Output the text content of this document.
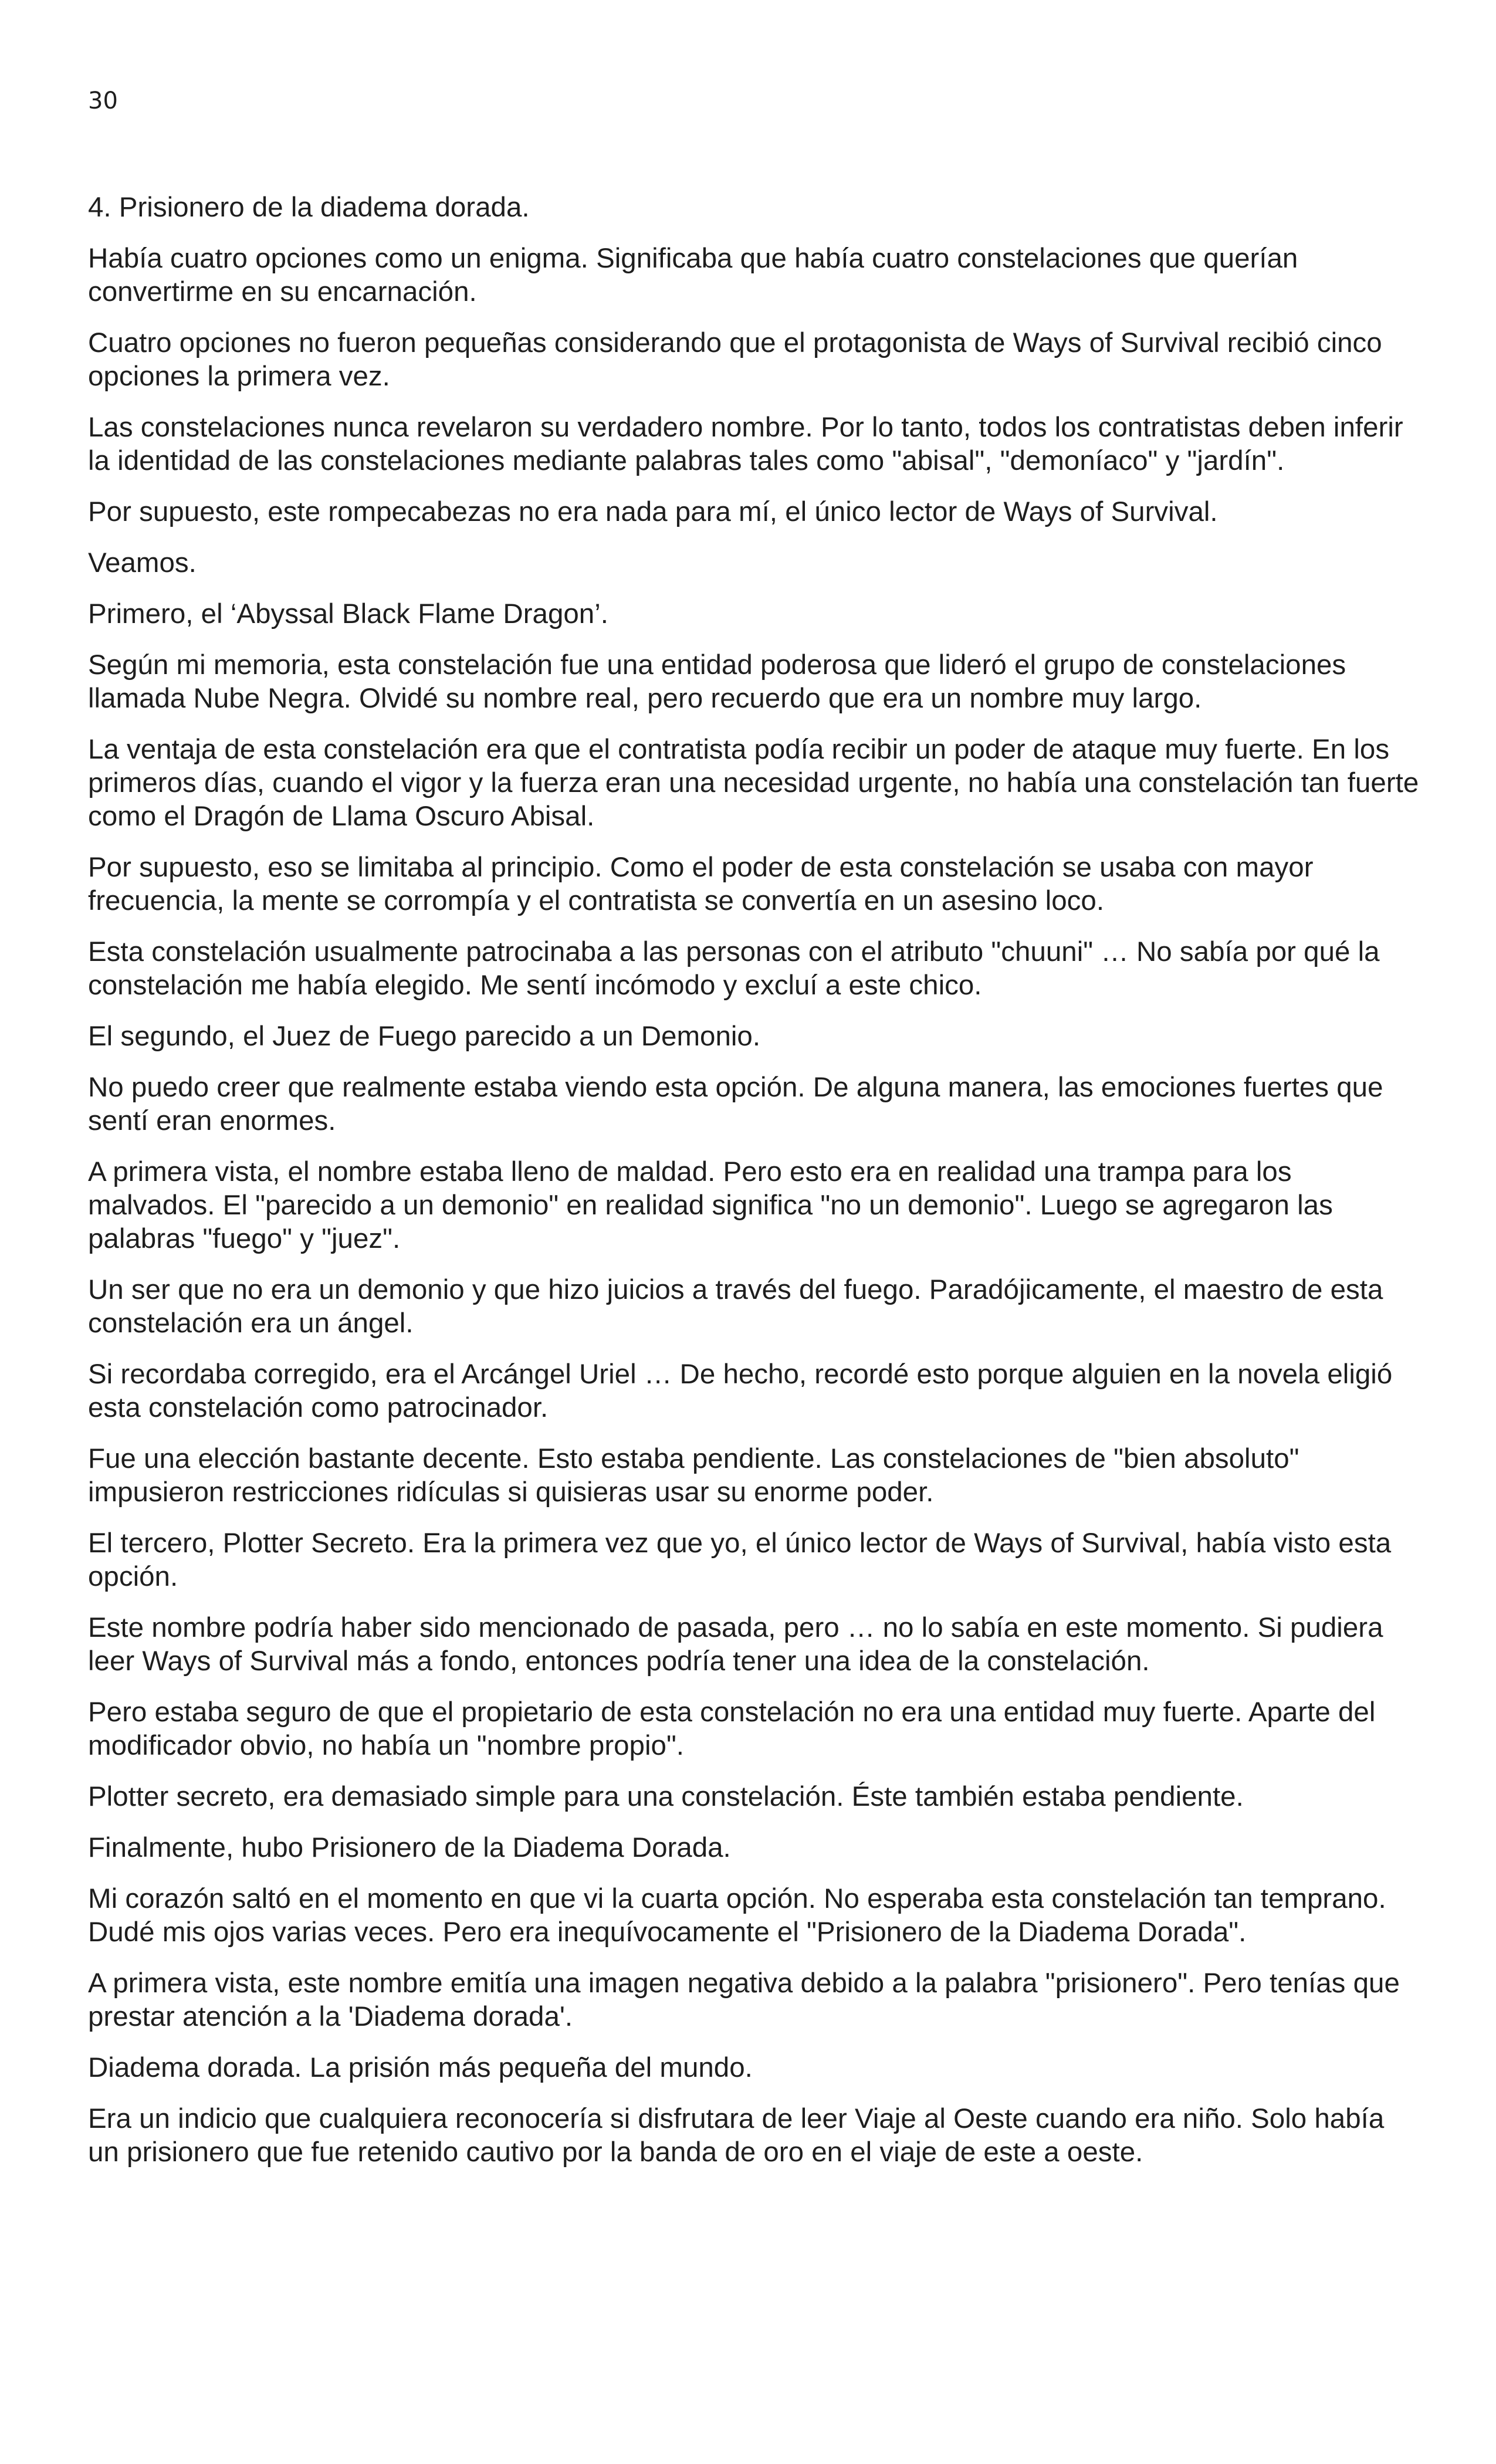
30

4. Prisionero de la diadema dorada.

Había cuatro opciones como un enigma. Significaba que había cuatro constelaciones que querían convertirme en su encarnación.

Cuatro opciones no fueron pequeñas considerando que el protagonista de Ways of Survival recibió cinco opciones la primera vez.

Las constelaciones nunca revelaron su verdadero nombre. Por lo tanto, todos los contratistas deben inferir la identidad de las constelaciones mediante palabras tales como "abisal", "demoníaco" y "jardín".

Por supuesto, este rompecabezas no era nada para mí, el único lector de Ways of Survival.

Veamos.

Primero, el ‘Abyssal Black Flame Dragon’.

Según mi memoria, esta constelación fue una entidad poderosa que lideró el grupo de constelaciones llamada Nube Negra. Olvidé su nombre real, pero recuerdo que era un nombre muy largo.

La ventaja de esta constelación era que el contratista podía recibir un poder de ataque muy fuerte. En los primeros días, cuando el vigor y la fuerza eran una necesidad urgente, no había una constelación tan fuerte como el Dragón de Llama Oscuro Abisal.

Por supuesto, eso se limitaba al principio. Como el poder de esta constelación se usaba con mayor frecuencia, la mente se corrompía y el contratista se convertía en un asesino loco.

Esta constelación usualmente patrocinaba a las personas con el atributo "chuuni" … No sabía por qué la constelación me había elegido. Me sentí incómodo y excluí a este chico.

El segundo, el Juez de Fuego parecido a un Demonio.

No puedo creer que realmente estaba viendo esta opción. De alguna manera, las emociones fuertes que sentí eran enormes.

A primera vista, el nombre estaba lleno de maldad. Pero esto era en realidad una trampa para los malvados. El "parecido a un demonio" en realidad significa "no un demonio". Luego se agregaron las palabras "fuego" y "juez".

Un ser que no era un demonio y que hizo juicios a través del fuego. Paradójicamente, el maestro de esta constelación era un ángel.

Si recordaba corregido, era el Arcángel Uriel … De hecho, recordé esto porque alguien en la novela eligió esta constelación como patrocinador.

Fue una elección bastante decente. Esto estaba pendiente. Las constelaciones de "bien absoluto" impusieron restricciones ridículas si quisieras usar su enorme poder.

El tercero, Plotter Secreto. Era la primera vez que yo, el único lector de Ways of Survival, había visto esta opción.

Este nombre podría haber sido mencionado de pasada, pero … no lo sabía en este momento. Si pudiera leer Ways of Survival más a fondo, entonces podría tener una idea de la constelación.

Pero estaba seguro de que el propietario de esta constelación no era una entidad muy fuerte. Aparte del modificador obvio, no había un "nombre propio".

Plotter secreto, era demasiado simple para una constelación. Éste también estaba pendiente.

Finalmente, hubo Prisionero de la Diadema Dorada.

Mi corazón saltó en el momento en que vi la cuarta opción. No esperaba esta constelación tan temprano. Dudé mis ojos varias veces. Pero era inequívocamente el "Prisionero de la Diadema Dorada".

A primera vista, este nombre emitía una imagen negativa debido a la palabra "prisionero". Pero tenías que prestar atención a la 'Diadema dorada'.

Diadema dorada. La prisión más pequeña del mundo.

Era un indicio que cualquiera reconocería si disfrutara de leer Viaje al Oeste cuando era niño. Solo había un prisionero que fue retenido cautivo por la banda de oro en el viaje de este a oeste.
